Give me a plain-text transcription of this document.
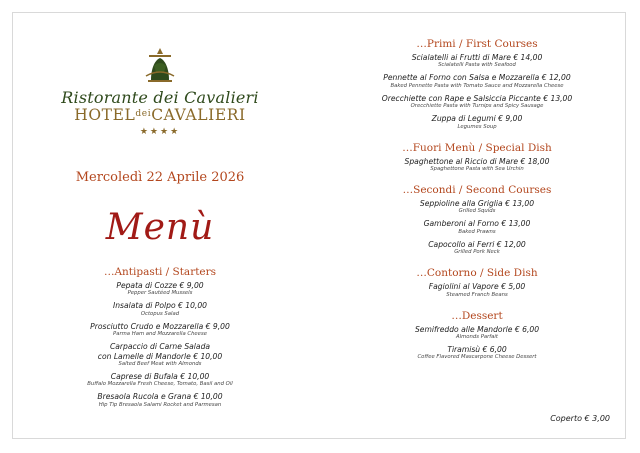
Ristorante dei Cavalieri
$HOTEL^{dei}CAVALIERI$
★★★★
Mercoledì 22 Aprile 2026
Menù
…Antipasti / Starters
Pepata di Cozze € 9,00
Pepper Sautéed Mussels
Insalata di Polpo € 10,00
Octopus Salad
Prosciutto Crudo e Mozzarella € 9,00
Parma Ham and Mozzarella Cheese
Carpaccio di Carne Salada
con Lamelle di Mandorle € 10,00
Salted Beef Meat with Almonds
Caprese di Bufala € 10,00
Buffalo Mozzarella Fresh Cheese, Tomato, Basil and Oil
Bresaola Rucola e Grana € 10,00
Hip Tip Bresaola Salami Rocket and Parmesan
…Primi / First Courses
Scialatelli ai Frutti di Mare € 14,00
Scialatelli Pasta with Seafood
Pennette al Forno con Salsa e Mozzarella € 12,00
Baked Pennette Pasta with Tomato Sauce and Mozzarella Cheese
Orecchiette con Rape e Salsiccia Piccante € 13,00
Orecchiette Pasta with Turnips and Spicy Sausage
Zuppa di Legumi € 9,00
Legumes Soup
…Fuori Menù / Special Dish
Spaghettone al Riccio di Mare € 18,00
Spaghettone Pasta with Sea Urchin
…Secondi / Second Courses
Seppioline alla Griglia € 13,00
Grilled Squids
Gamberoni al Forno € 13,00
Baked Prawns
Capocollo ai Ferri € 12,00
Grilled Pork Neck
…Contorno / Side Dish
Fagiolini al Vapore € 5,00
Steamed Franch Beans
…Dessert
Semifreddo alle Mandorle € 6,00
Almonds Parfait
Tiramisù € 6,00
Coffee Flavored Mascarpone Cheese Dessert
Coperto € 3,00
